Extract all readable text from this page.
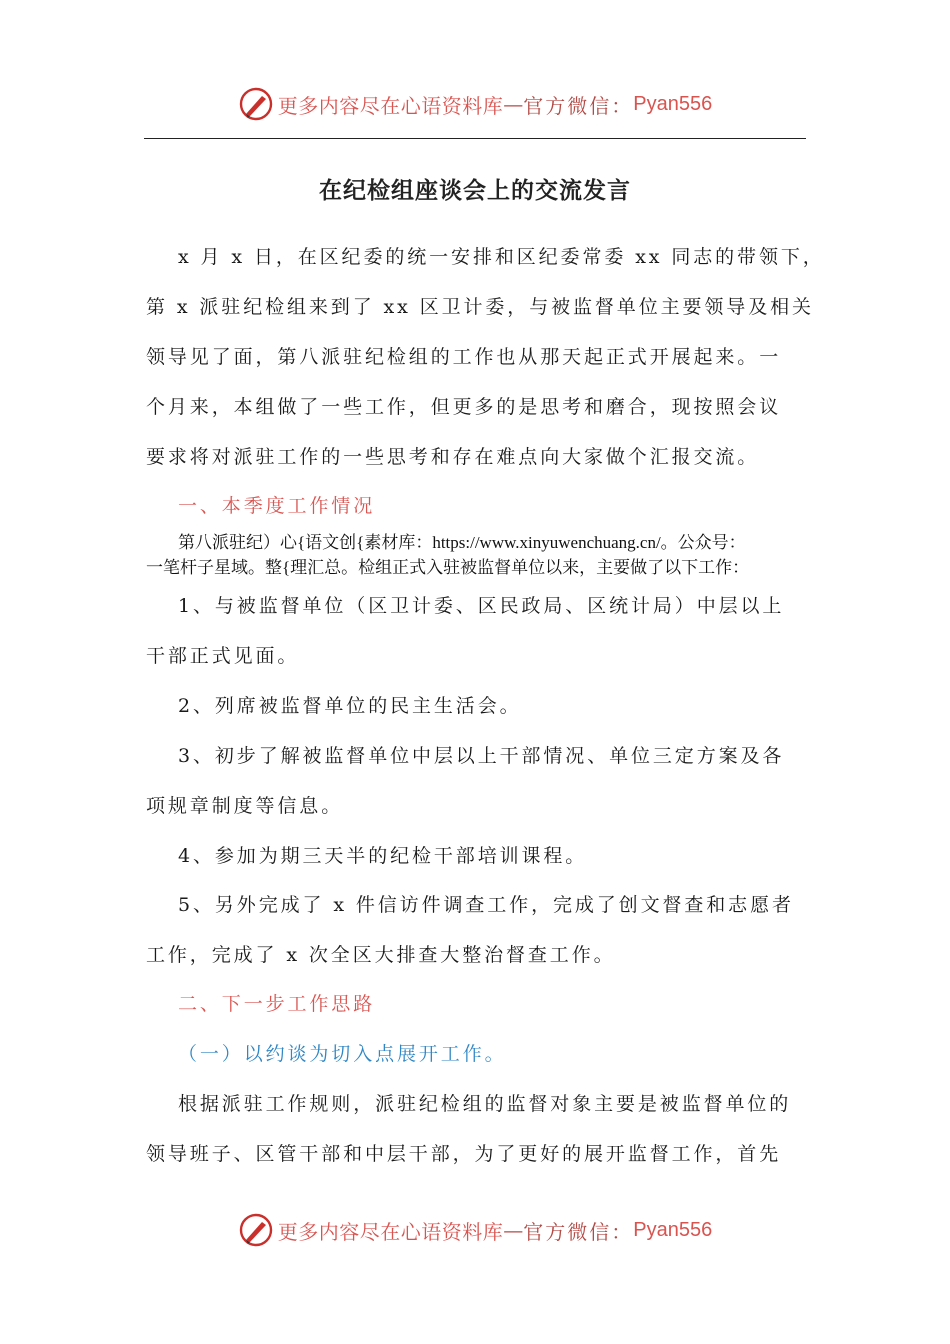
更多内容尽在心语资料库 — 官方微信： Pyan556
在纪检组座谈会上的交流发言
x 月 x 日，在区纪委的统一安排和区纪委常委 xx 同志的带领下，
第 x 派驻纪检组来到了 xx 区卫计委，与被监督单位主要领导及相关
领导见了面，第八派驻纪检组的工作也从那天起正式开展起来。一
个月来，本组做了一些工作，但更多的是思考和磨合，现按照会议
要求将对派驻工作的一些思考和存在难点向大家做个汇报交流。
一、本季度工作情况
第八派驻纪）心{语文创{素材库：https://www.xinyuwenchuang.cn/。公众号：
一笔杆子星域。整{理汇总。检组正式入驻被监督单位以来，主要做了以下工作：
1、与被监督单位（区卫计委、区民政局、区统计局）中层以上
干部正式见面。
2、列席被监督单位的民主生活会。
3、初步了解被监督单位中层以上干部情况、单位三定方案及各
项规章制度等信息。
4、参加为期三天半的纪检干部培训课程。
5、另外完成了 x 件信访件调查工作，完成了创文督查和志愿者
工作，完成了 x 次全区大排查大整治督查工作。
二、下一步工作思路
（一）以约谈为切入点展开工作。
根据派驻工作规则，派驻纪检组的监督对象主要是被监督单位的
领导班子、区管干部和中层干部，为了更好的展开监督工作，首先
更多内容尽在心语资料库 — 官方微信： Pyan556
